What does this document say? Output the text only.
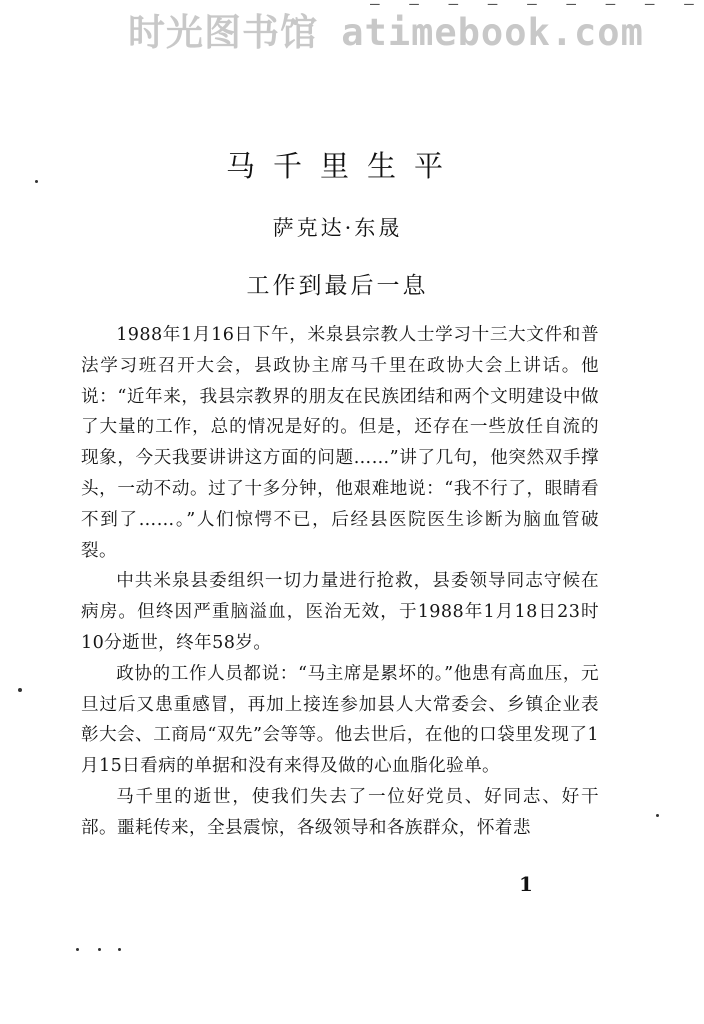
— — — — — — — — —
时光图书馆 atimebook.com
马千里生平
萨克达·东晟
工作到最后一息

1988年1月16日下午，米泉县宗教人士学习十三大文件和普法学习班召开大会，县政协主席马千里在政协大会上讲话。他说：“近年来，我县宗教界的朋友在民族团结和两个文明建设中做了大量的工作，总的情况是好的。但是，还存在一些放任自流的现象，今天我要讲讲这方面的问题……”讲了几句，他突然双手撑头，一动不动。过了十多分钟，他艰难地说：“我不行了，眼睛看不到了……。”人们惊愕不已，后经县医院医生诊断为脑血管破裂。

中共米泉县委组织一切力量进行抢救，县委领导同志守候在病房。但终因严重脑溢血，医治无效，于1988年1月18日23时10分逝世，终年58岁。

政协的工作人员都说：“马主席是累坏的。”他患有高血压，元旦过后又患重感冒，再加上接连参加县人大常委会、乡镇企业表彰大会、工商局“双先”会等等。他去世后，在他的口袋里发现了1月15日看病的单据和没有来得及做的心血脂化验单。

马千里的逝世，使我们失去了一位好党员、好同志、好干部。噩耗传来，全县震惊，各级领导和各族群众，怀着悲

1
